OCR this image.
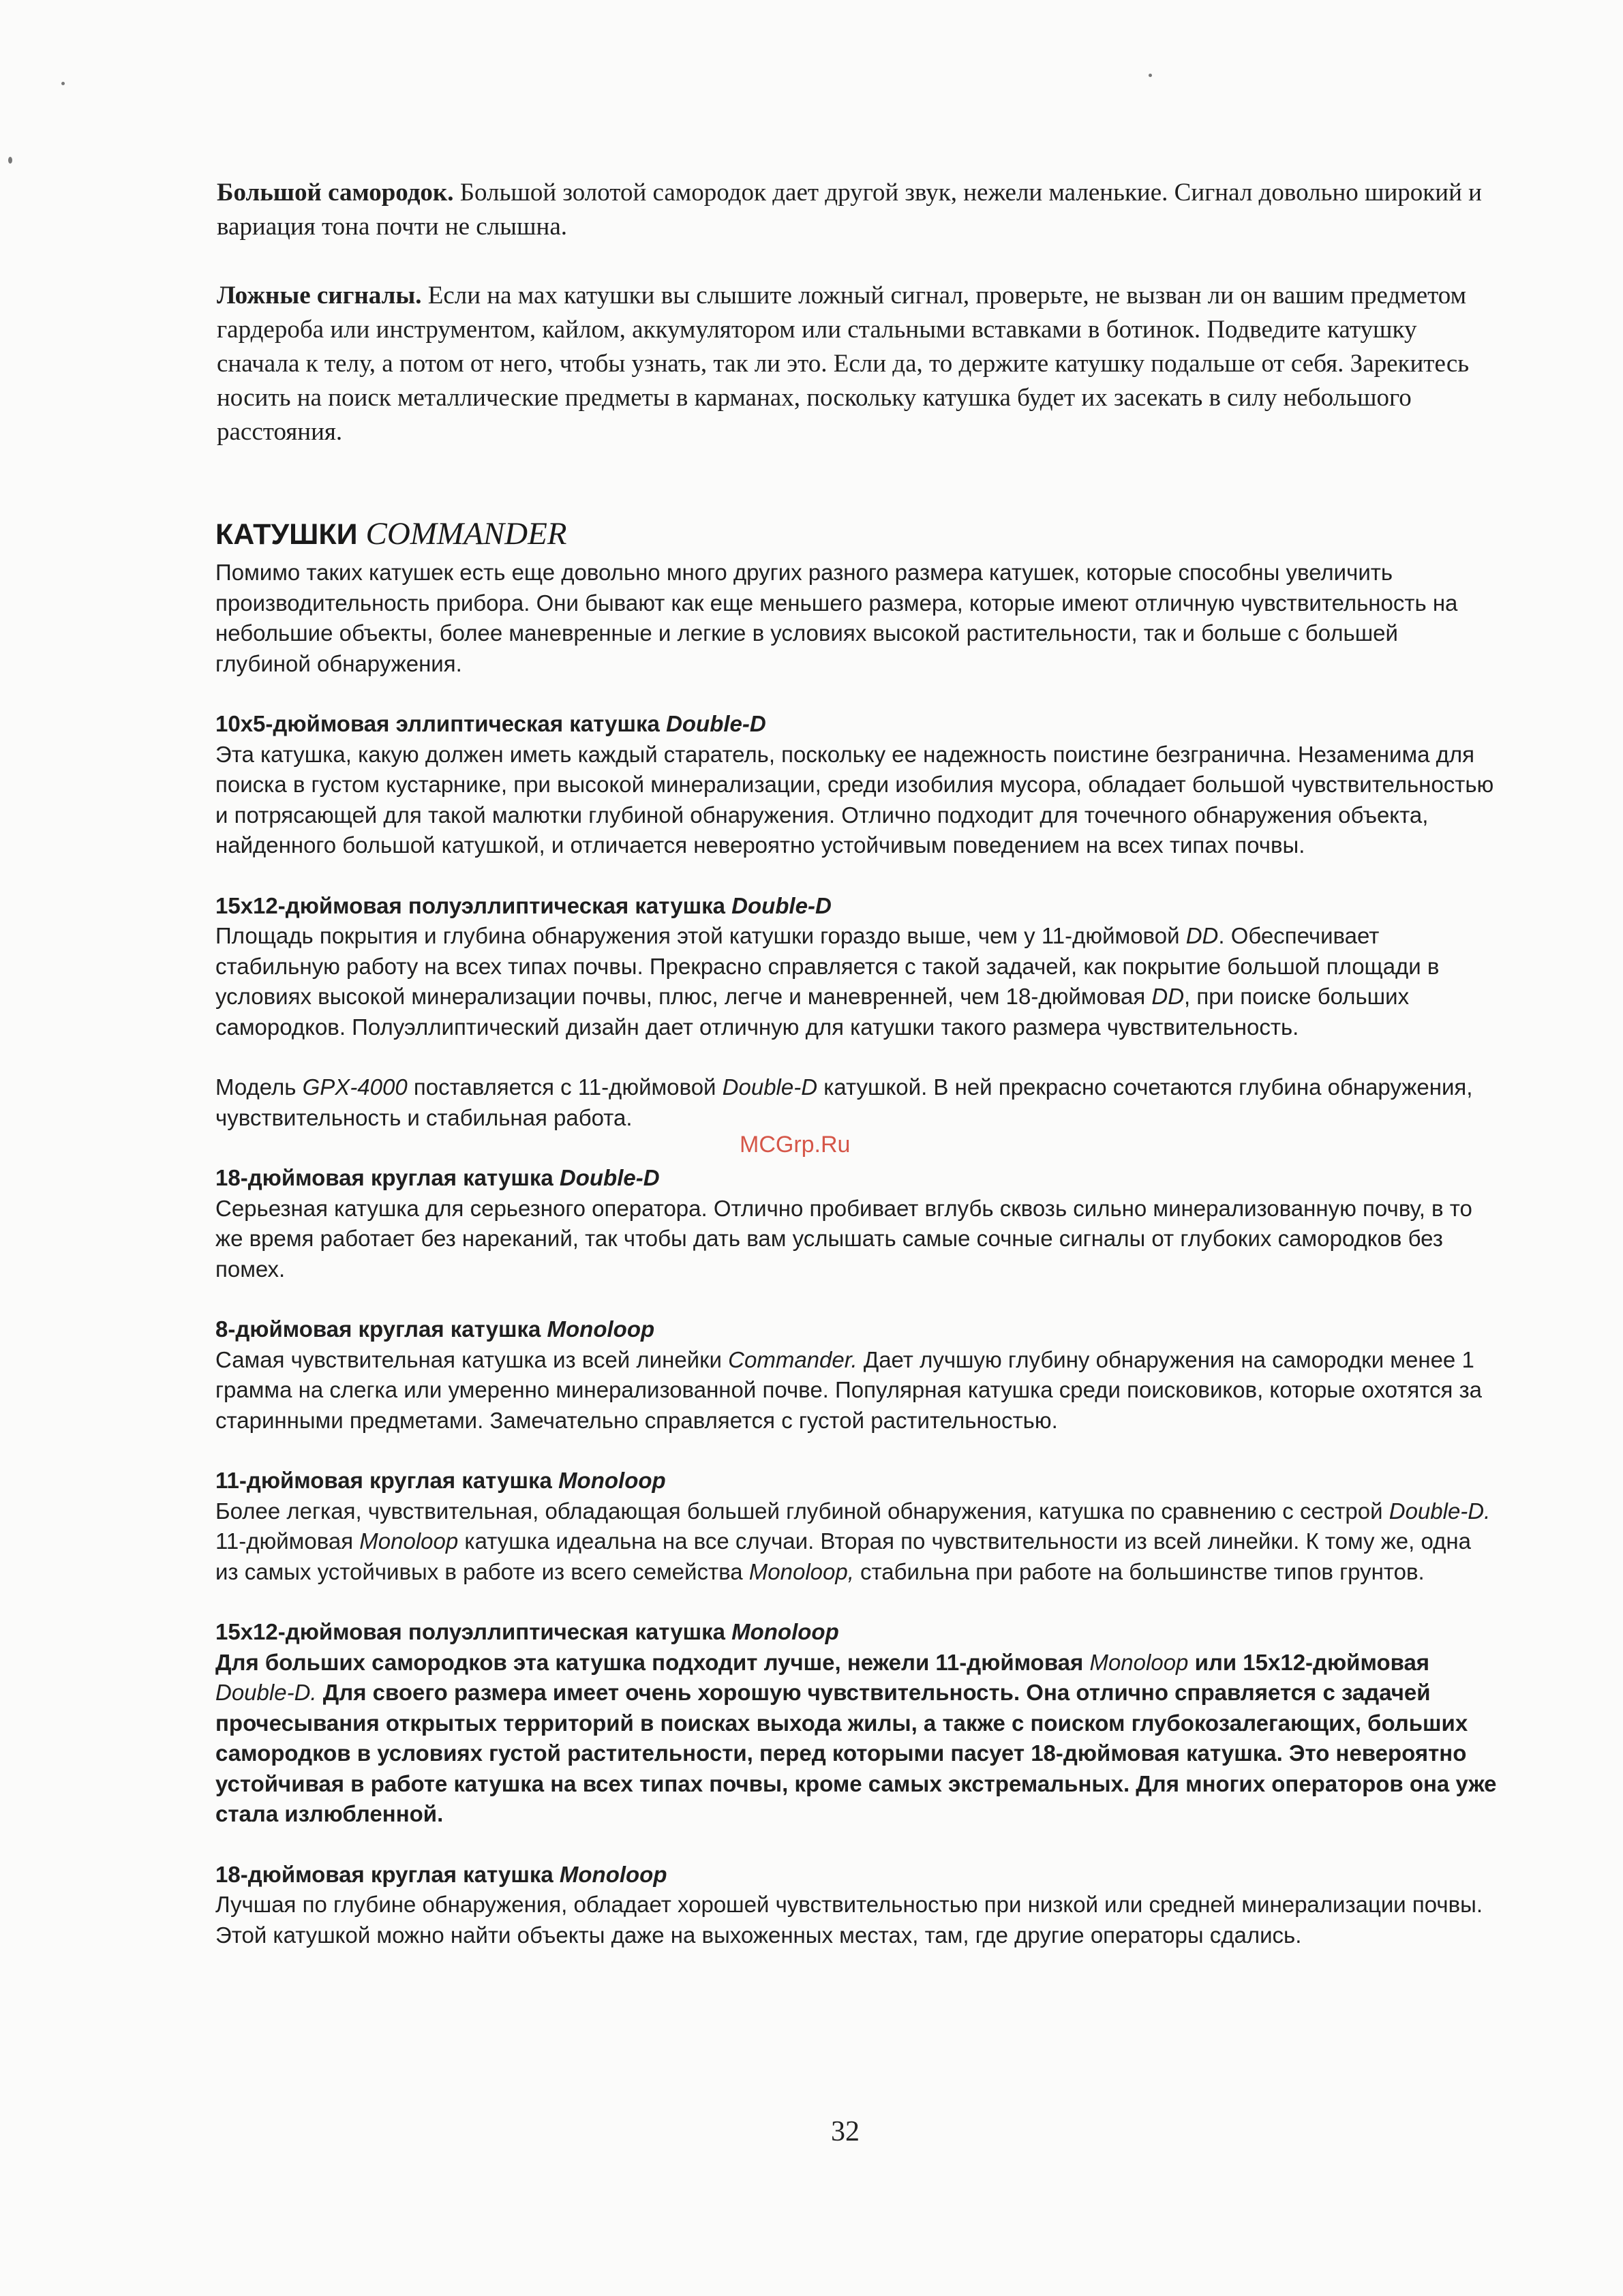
Большой самородок. Большой золотой самородок дает другой звук, нежели маленькие. Сигнал довольно широкий и вариация тона почти не слышна.

Ложные сигналы. Если на мах катушки вы слышите ложный сигнал, проверьте, не вызван ли он вашим предметом гардероба или инструментом, кайлом, аккумулятором или стальными вставками в ботинок. Подведите катушку сначала к телу, а потом от него, чтобы узнать, так ли это. Если да, то держите катушку подальше от себя. Зарекитесь носить на поиск металлические предметы в карманах, поскольку катушка будет их засекать в силу небольшого расстояния.

КАТУШКИ COMMANDER

Помимо таких катушек есть еще довольно много других разного размера катушек, которые способны увеличить производительность прибора. Они бывают как еще меньшего размера, которые имеют отличную чувствительность на небольшие объекты, более маневренные и легкие в условиях высокой растительности, так и больше с большей глубиной обнаружения.

10x5-дюймовая эллиптическая катушка Double-D

Эта катушка, какую должен иметь каждый старатель, поскольку ее надежность поистине безгранична. Незаменима для поиска в густом кустарнике, при высокой минерализации, среди изобилия мусора, обладает большой чувствительностью и потрясающей для такой малютки глубиной обнаружения. Отлично подходит для точечного обнаружения объекта, найденного большой катушкой, и отличается невероятно устойчивым поведением на всех типах почвы.

15x12-дюймовая полуэллиптическая катушка Double-D

Площадь покрытия и глубина обнаружения этой катушки гораздо выше, чем у 11-дюймовой DD. Обеспечивает стабильную работу на всех типах почвы. Прекрасно справляется с такой задачей, как покрытие большой площади в условиях высокой минерализации почвы, плюс, легче и маневренней, чем 18-дюймовая DD, при поиске больших самородков. Полуэллиптический дизайн дает отличную для катушки такого размера чувствительность.

Модель GPX-4000 поставляется с 11-дюймовой Double-D катушкой. В ней прекрасно сочетаются глубина обнаружения, чувствительность и стабильная работа.

18-дюймовая круглая катушка Double-D

Серьезная катушка для серьезного оператора. Отлично пробивает вглубь сквозь сильно минерализованную почву, в то же время работает без нареканий, так чтобы дать вам услышать самые сочные сигналы от глубоких самородков без помех.

8-дюймовая круглая катушка Monoloop

Самая чувствительная катушка из всей линейки Commander. Дает лучшую глубину обнаружения на самородки менее 1 грамма на слегка или умеренно минерализованной почве. Популярная катушка среди поисковиков, которые охотятся за старинными предметами. Замечательно справляется с густой растительностью.

11-дюймовая круглая катушка Monoloop

Более легкая, чувствительная, обладающая большей глубиной обнаружения, катушка по сравнению с сестрой Double-D. 11-дюймовая Monoloop катушка идеальна на все случаи. Вторая по чувствительности из всей линейки. К тому же, одна из самых устойчивых в работе из всего семейства Monoloop, стабильна при работе на большинстве типов грунтов.

15x12-дюймовая полуэллиптическая катушка Monoloop

Для больших самородков эта катушка подходит лучше, нежели 11-дюймовая Monoloop или 15x12-дюймовая Double-D. Для своего размера имеет очень хорошую чувствительность. Она отлично справляется с задачей прочесывания открытых территорий в поисках выхода жилы, а также с поиском глубокозалегающих, больших самородков в условиях густой растительности, перед которыми пасует 18-дюймовая катушка. Это невероятно устойчивая в работе катушка на всех типах почвы, кроме самых экстремальных. Для многих операторов она уже стала излюбленной.

18-дюймовая круглая катушка Monoloop

Лучшая по глубине обнаружения, обладает хорошей чувствительностью при низкой или средней минерализации почвы. Этой катушкой можно найти объекты даже на выхоженных местах, там, где другие операторы сдались.

MCGrp.Ru
32
